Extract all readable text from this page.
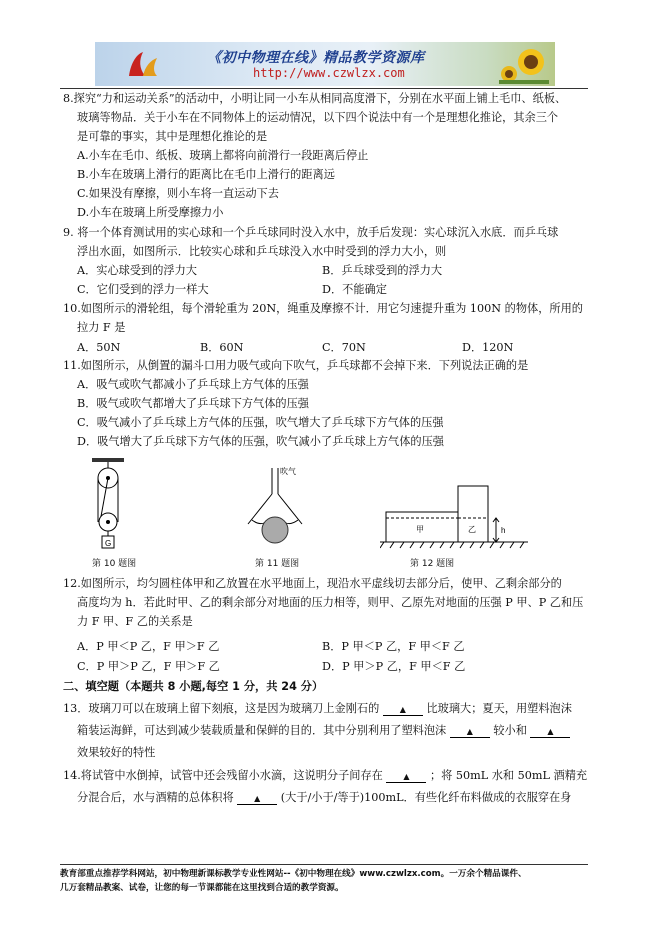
《初中物理在线》精品教学资源库
http://www.czwlzx.com
8.探究“力和运动关系”的活动中，小明让同一小车从相同高度滑下，分别在水平面上铺上毛巾、纸板、
玻璃等物品．关于小车在不同物体上的运动情况，以下四个说法中有一个是理想化推论，其余三个
是可靠的事实，其中是理想化推论的是
A.小车在毛巾、纸板、玻璃上都将向前滑行一段距离后停止
B.小车在玻璃上滑行的距离比在毛巾上滑行的距离远
C.如果没有摩擦，则小车将一直运动下去
D.小车在玻璃上所受摩擦力小
9. 将一个体育测试用的实心球和一个乒乓球同时没入水中，放手后发现：实心球沉入水底．而乒乓球
浮出水面，如图所示．比较实心球和乒乓球没入水中时受到的浮力大小，则
A．实心球受到的浮力大	B．乒乓球受到的浮力大
C．它们受到的浮力一样大	D．不能确定
10.如图所示的滑轮组，每个滑轮重为 20N，绳重及摩擦不计．用它匀速提升重为 100N 的物体，所用的
拉力 F 是
A．50N	B．60N	C．70N	D．120N
11.如图所示，从倒置的漏斗口用力吸气或向下吹气，乒乓球都不会掉下来．下列说法正确的是
A．吸气或吹气都减小了乒乓球上方气体的压强
B．吸气或吹气都增大了乒乓球下方气体的压强
C．吸气减小了乒乓球上方气体的压强，吹气增大了乒乓球下方气体的压强
D．吸气增大了乒乓球下方气体的压强，吹气减小了乒乓球上方气体的压强
G
第 10 题图
吹气
第 11 题图
甲	乙	h
第 12 题图
12.如图所示，均匀圆柱体甲和乙放置在水平地面上，现沿水平虚线切去部分后，使甲、乙剩余部分的
高度均为 h．若此时甲、乙的剩余部分对地面的压力相等，则甲、乙原先对地面的压强 P 甲、P 乙和压
力 F 甲、F 乙的关系是
A．P 甲＜P 乙，F 甲＞F 乙	B．P 甲＜P 乙，F 甲＜F 乙
C．P 甲＞P 乙，F 甲＞F 乙	D．P 甲＞P 乙，F 甲＜F 乙
二、填空题（本题共 8 小题,每空 1 分，共 24 分）
13．玻璃刀可以在玻璃上留下刻痕，这是因为玻璃刀上金刚石的	▲ 比玻璃大；夏天，用塑料泡沫
箱装运海鲜，可达到减少装载质量和保鲜的目的．其中分别利用了塑料泡沫	▲ 较小和	▲
效果较好的特性
14.将试管中水倒掉，试管中还会残留小水滴，这说明分子间存在	▲ ；将 50mL 水和 50mL 酒精充
分混合后，水与酒精的总体积将	▲ (大于/小于/等于)100mL．有些化纤布料做成的衣服穿在身
教育部重点推荐学科网站，初中物理新课标教学专业性网站--《初中物理在线》www.czwlzx.com。一万余个精品课件、
几万套精品教案、试卷，让您的每一节课都能在这里找到合适的教学资源。
